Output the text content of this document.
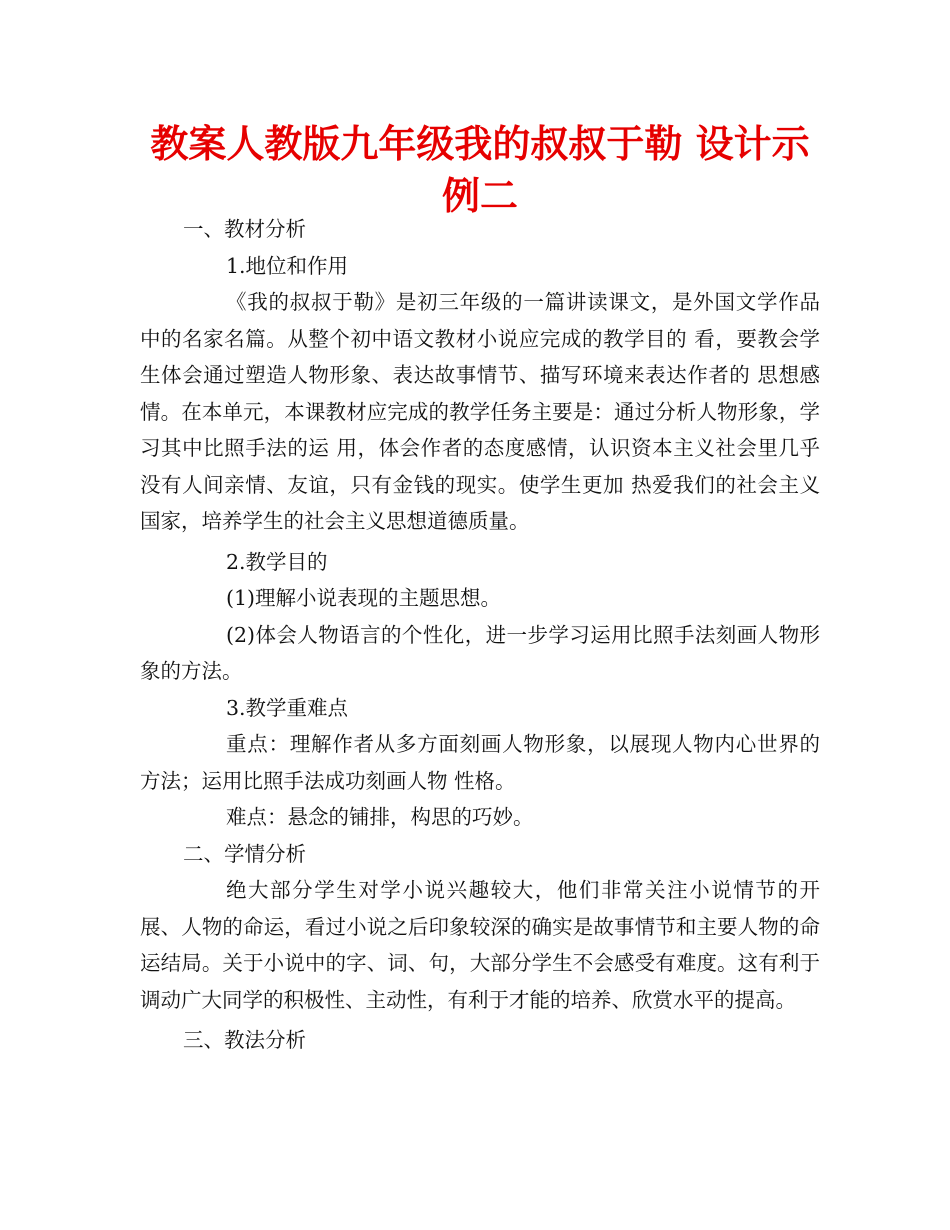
教案人教版九年级我的叔叔于勒 设计示例二

一、教材分析

1.地位和作用

《我的叔叔于勒》是初三年级的一篇讲读课文，是外国文学作品中的名家名篇。从整个初中语文教材小说应完成的教学目的 看，要教会学生体会通过塑造人物形象、表达故事情节、描写环境来表达作者的 思想感情。在本单元，本课教材应完成的教学任务主要是：通过分析人物形象，学习其中比照手法的运 用，体会作者的态度感情，认识资本主义社会里几乎没有人间亲情、友谊，只有金钱的现实。使学生更加 热爱我们的社会主义国家，培养学生的社会主义思想道德质量。

2.教学目的

(1)理解小说表现的主题思想。

(2)体会人物语言的个性化，进一步学习运用比照手法刻画人物形象的方法。

3.教学重难点

重点：理解作者从多方面刻画人物形象，以展现人物内心世界的方法；运用比照手法成功刻画人物 性格。

难点：悬念的铺排，构思的巧妙。

二、学情分析

绝大部分学生对学小说兴趣较大，他们非常关注小说情节的开展、人物的命运，看过小说之后印象较深的确实是故事情节和主要人物的命运结局。关于小说中的字、词、句，大部分学生不会感受有难度。这有利于调动广大同学的积极性、主动性，有利于才能的培养、欣赏水平的提高。

三、教法分析
